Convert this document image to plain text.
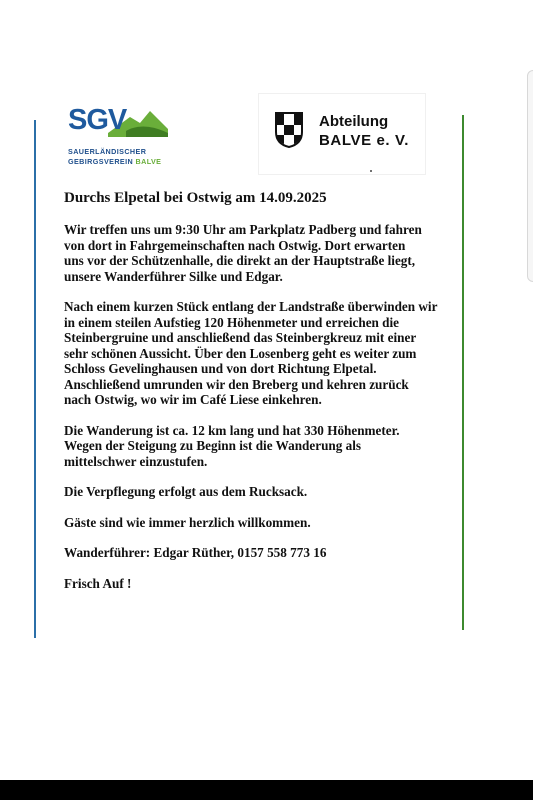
SGV
SAUERLÄNDISCHER
GEBIRGSVEREIN BALVE
Abteilung
BALVE e. V.
Durchs Elpetal bei Ostwig am 14.09.2025
Wir treffen uns um 9:30 Uhr am Parkplatz Padberg und fahren
von dort in Fahrgemeinschaften nach Ostwig. Dort erwarten
uns vor der Schützenhalle, die direkt an der Hauptstraße liegt,
unsere Wanderführer Silke und Edgar.
Nach einem kurzen Stück entlang der Landstraße überwinden wir
in einem steilen Aufstieg 120 Höhenmeter und erreichen die
Steinbergruine und anschließend das Steinbergkreuz mit einer
sehr schönen Aussicht. Über den Losenberg geht es weiter zum
Schloss Gevelinghausen und von dort Richtung Elpetal.
Anschließend umrunden wir den Breberg und kehren zurück
nach Ostwig, wo wir im Café Liese einkehren.
Die Wanderung ist ca. 12 km lang und hat 330 Höhenmeter.
Wegen der Steigung zu Beginn ist die Wanderung als
mittelschwer einzustufen.
Die Verpflegung erfolgt aus dem Rucksack.
Gäste sind wie immer herzlich willkommen.
Wanderführer: Edgar Rüther, 0157 558 773 16
Frisch Auf !
